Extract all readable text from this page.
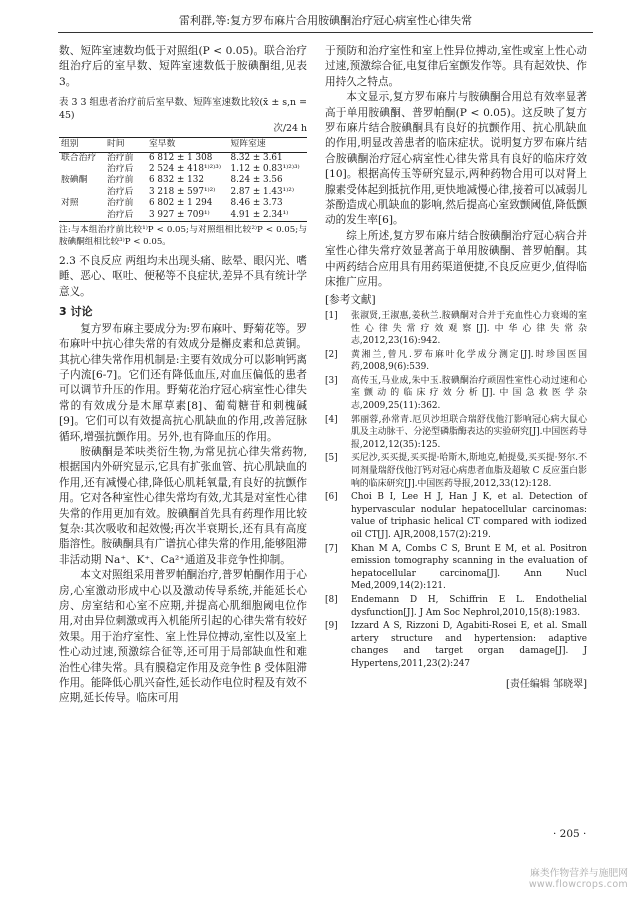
雷利群,等:复方罗布麻片合用胺碘酮治疗冠心病室性心律失常

数、短阵室速数均低于对照组(P < 0.05)。联合治疗组治疗后的室早数、短阵室速数低于胺碘酮组,见表 3。

表 3 3 组患者治疗前后室早数、短阵室速数比较(x̄ ± s,n = 45)
次/24 h
组别	时间	室早数	短阵室速
联合治疗	治疗前	6 812 ± 1 308	8.32 ± 3.61
	治疗后	2 524 ± 418¹⁾²⁾³⁾	1.12 ± 0.83¹⁾²⁾³⁾
胺碘酮	治疗前	6 832 ± 132	8.24 ± 3.56
	治疗后	3 218 ± 597¹⁾²⁾	2.87 ± 1.43¹⁾²⁾
对照	治疗前	6 802 ± 1 294	8.46 ± 3.73
	治疗后	3 927 ± 709¹⁾	4.91 ± 2.34¹⁾
注:与本组治疗前比较¹⁾P < 0.05;与对照组相比较²⁾P < 0.05;与胺碘酮组相比较³⁾P < 0.05。

2.3 不良反应 两组均未出现头痛、眩晕、眼闪光、嗜睡、恶心、呕吐、便秘等不良症状,差异不具有统计学意义。

3 讨论

复方罗布麻主要成分为:罗布麻叶、野菊花等。罗布麻叶中抗心律失常的有效成分是槲皮素和总黄铜。其抗心律失常作用机制是:主要有效成分可以影响钙离子内流[6-7]。它们还有降低血压,对血压偏低的患者可以调节升压的作用。野菊花治疗冠心病室性心律失常的有效成分是木犀草素[8]、葡萄糖苷和刺槐碱[9]。它们可以有效提高抗心肌缺血的作用,改善冠脉循环,增强抗颤作用。另外,也有降血压的作用。

胺碘酮是苯呋类衍生物,为常见抗心律失常药物,根据国内外研究显示,它具有扩张血管、抗心肌缺血的作用,还有减慢心律,降低心肌耗氧量,有良好的抗颤作用。它对各种室性心律失常均有效,尤其是对室性心律失常的作用更加有效。胺碘酮首先具有药理作用比较复杂:其次吸收和起效慢;再次半衰期长,还有具有高度脂溶性。胺碘酮具有广谱抗心律失常的作用,能够阻滞非活动期 Na⁺、K⁺、Ca²⁺通道及非竞争性抑制。

本文对照组采用普罗帕酮治疗,普罗帕酮作用于心房,心室激动形成中心以及激动传导系统,并能延长心房、房室结和心室不应期,并提高心肌细胞阈电位作用,对由异位刺激或再入机能所引起的心律失常有较好效果。用于治疗室性、室上性异位搏动,室性以及室上性心动过速,预激综合征等,还可用于局部缺血性和难治性心律失常。具有膜稳定作用及竞争性 β 受体阻滞作用。能降低心肌兴奋性,延长动作电位时程及有效不应期,延长传导。临床可用

于预防和治疗室性和室上性异位搏动,室性或室上性心动过速,预激综合征,电复律后室颤发作等。具有起效快、作用持久之特点。

本文显示,复方罗布麻片与胺碘酮合用总有效率显著高于单用胺碘酮、普罗帕酮(P < 0.05)。这反映了复方罗布麻片结合胺碘酮具有良好的抗颤作用、抗心肌缺血的作用,明显改善患者的临床症状。说明复方罗布麻片结合胺碘酮治疗冠心病室性心律失常具有良好的临床疗效[10]。根据高传玉等研究显示,两种药物合用可以对肾上腺素受体起到抵抗作用,更快地减慢心律,接着可以减弱儿茶酚造成心肌缺血的影响,然后提高心室致颤阈值,降低颤动的发生率[6]。

综上所述,复方罗布麻片结合胺碘酮治疗冠心病合并室性心律失常疗效显著高于单用胺碘酮、普罗帕酮。其中两药结合应用具有用药渠道便捷,不良反应更少,值得临床推广应用。

[参考文献]
[1]	张淑贤,王淑惠,姜秋兰.胺碘酮对合并于充血性心力衰竭的室性心律失常疗效观察[J].中华心律失常杂志,2012,23(16):942.
[2]	黄湘兰,曾凡.罗布麻叶化学成分测定[J].时珍国医国药,2008,9(6):539.
[3]	高传玉,马业成,朱中玉.胺碘酮治疗顽固性室性心动过速和心室颤动的临床疗效分析[J].中国急救医学杂志,2009,25(11):362.
[4]	郭丽蓉,孙常青.厄贝沙坦联合瑞舒伐他汀影响冠心病大鼠心肌及主动脉干、分泌型磷脂酶表达的实验研究[J].中国医药导报,2012,12(35):125.
[5]	买尼沙,买买提,买买提·哈斯木,斯地克,帕提曼,买买提·努尔.不同剂量瑞舒伐他汀钙对冠心病患者血脂及超敏 C 反应蛋白影响的临床研究[J].中国医药导报,2012,33(12):128.
[6]	Choi B I, Lee H J, Han J K, et al. Detection of hypervascular nodular hepatocellular carcinomas: value of triphasic helical CT compared with iodized oil CT[J]. AJR,2008,157(2):219.
[7]	Khan M A, Combs C S, Brunt E M, et al. Positron emission tomography scanning in the evaluation of hepatocellular carcinoma[J]. Ann Nucl Med,2009,14(2):121.
[8]	Endemann D H, Schiffrin E L. Endothelial dysfunction[J]. J Am Soc Nephrol,2010,15(8):1983.
[9]	Izzard A S, Rizzoni D, Agabiti-Rosei E, et al. Small artery structure and hypertension: adaptive changes and target organ damage[J]. J Hypertens,2011,23(2):247
[责任编辑 邹晓翠]
· 205 ·
麻类作物营养与施肥网
www.flowcrops.com
